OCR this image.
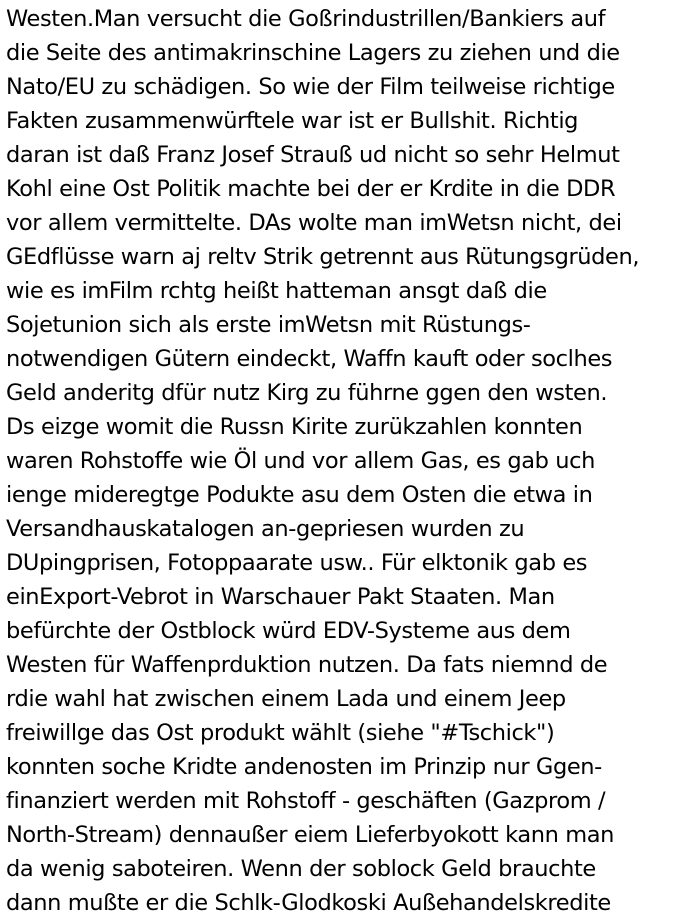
Westen.Man versucht die Goßrindustrillen/Bankiers auf
die Seite des antimakrinschine Lagers zu ziehen und die
Nato/EU zu schädigen. So wie der Film teilweise richtige
Fakten zusammenwürftele war ist er Bullshit. Richtig
daran ist daß Franz Josef Strauß ud nicht so sehr Helmut
Kohl eine Ost Politik machte bei der er Krdite in die DDR
vor allem vermittelte. DAs wolte man imWetsn nicht, dei
GEdflüsse warn aj reltv Strik getrennt aus Rütungsgrüden,
wie es imFilm rchtg heißt hatteman ansgt daß die
Sojetunion sich als erste imWetsn mit Rüstungs-
notwendigen Gütern eindeckt, Waffn kauft oder soclhes
Geld anderitg dfür nutz Kirg zu führne ggen den wsten.
Ds eizge womit die Russn Kirite zurükzahlen konnten
waren Rohstoffe wie Öl und vor allem Gas, es gab uch
ienge mideregtge Podukte asu dem Osten die etwa in
Versandhauskatalogen an-gepriesen wurden zu
DUpingprisen, Fotoppaarate usw.. Für elktonik gab es
einExport-Vebrot in Warschauer Pakt Staaten. Man
befürchte der Ostblock würd EDV-Systeme aus dem
Westen für Waffenprduktion nutzen. Da fats niemnd de
rdie wahl hat zwischen einem Lada und einem Jeep
freiwillge das Ost produkt wählt (siehe "#Tschick")
konnten soche Kridte andenosten im Prinzip nur Ggen-
finanziert werden mit Rohstoff - geschäften (Gazprom /
North-Stream) dennaußer eiem Lieferbyokott kann man
da wenig saboteiren. Wenn der soblock Geld brauchte
dann mußte er die Schlk-Glodkoski Außehandelskredite
